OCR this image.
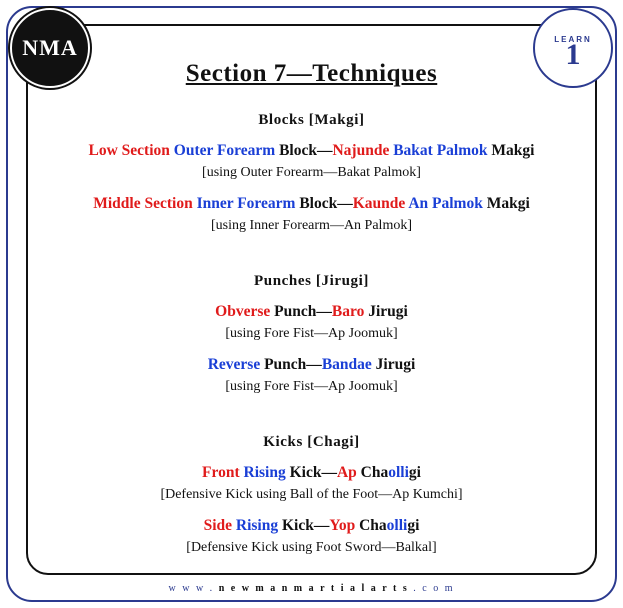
NMA	LEARN
1
Section 7—Techniques
Blocks [Makgi]
Low Section Outer Forearm Block—Najunde Bakat Palmok Makgi
[using Outer Forearm—Bakat Palmok]
Middle Section Inner Forearm Block—Kaunde An Palmok Makgi
[using Inner Forearm—An Palmok]
Punches [Jirugi]
Obverse Punch—Baro Jirugi
[using Fore Fist—Ap Joomuk]
Reverse Punch—Bandae Jirugi
[using Fore Fist—Ap Joomuk]
Kicks [Chagi]
Front Rising Kick—Ap Chaolligi
[Defensive Kick using Ball of the Foot—Ap Kumchi]
Side Rising Kick—Yop Chaolligi
[Defensive Kick using Foot Sword—Balkal]
w w w . n e w m a n m a r t i a l a r t s . c o m
